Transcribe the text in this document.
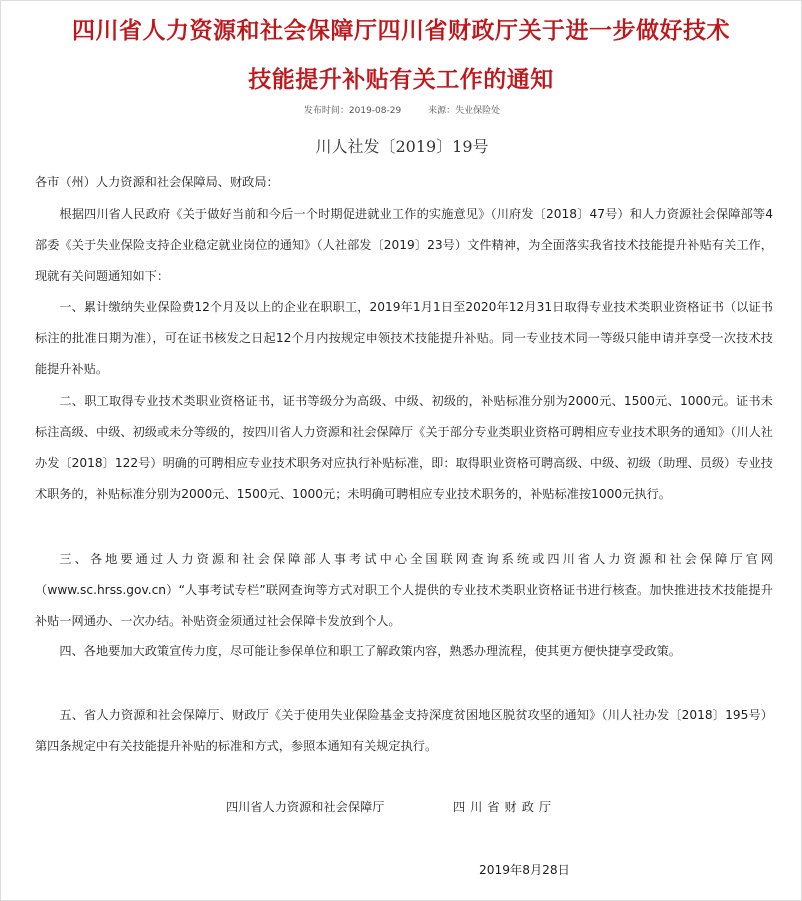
四川省人力资源和社会保障厅四川省财政厅关于进一步做好技术
技能提升补贴有关工作的通知
发布时间：2019-08-29	来源：失业保险处
川人社发〔2019〕19号

各市（州）人力资源和社会保障局、财政局：

根据四川省人民政府《关于做好当前和今后一个时期促进就业工作的实施意见》（川府发〔2018〕47号）和人力资源社会保障部等4部委《关于失业保险支持企业稳定就业岗位的通知》（人社部发〔2019〕23号）文件精神，为全面落实我省技术技能提升补贴有关工作，现就有关问题通知如下：

一、累计缴纳失业保险费12个月及以上的企业在职职工，2019年1月1日至2020年12月31日取得专业技术类职业资格证书（以证书标注的批准日期为准），可在证书核发之日起12个月内按规定申领技术技能提升补贴。同一专业技术同一等级只能申请并享受一次技术技能提升补贴。

二、职工取得专业技术类职业资格证书，证书等级分为高级、中级、初级的，补贴标准分别为2000元、1500元、1000元。证书未标注高级、中级、初级或未分等级的，按四川省人力资源和社会保障厅《关于部分专业类职业资格可聘相应专业技术职务的通知》（川人社办发〔2018〕122号）明确的可聘相应专业技术职务对应执行补贴标准，即：取得职业资格可聘高级、中级、初级（助理、员级）专业技术职务的，补贴标准分别为2000元、1500元、1000元；未明确可聘相应专业技术职务的，补贴标准按1000元执行。

三、各地要通过人力资源和社会保障部人事考试中心全国联网查询系统或四川省人力资源和社会保障厅官网（www.sc.hrss.gov.cn）“人事考试专栏”联网查询等方式对职工个人提供的专业技术类职业资格证书进行核查。加快推进技术技能提升补贴一网通办、一次办结。补贴资金须通过社会保障卡发放到个人。

四、各地要加大政策宣传力度，尽可能让参保单位和职工了解政策内容，熟悉办理流程，使其更方便快捷享受政策。

五、省人力资源和社会保障厅、财政厅《关于使用失业保险基金支持深度贫困地区脱贫攻坚的通知》（川人社办发〔2018〕195号）第四条规定中有关技能提升补贴的标准和方式，参照本通知有关规定执行。

四川省人力资源和社会保障厅	四川省财政厅
2019年8月28日
